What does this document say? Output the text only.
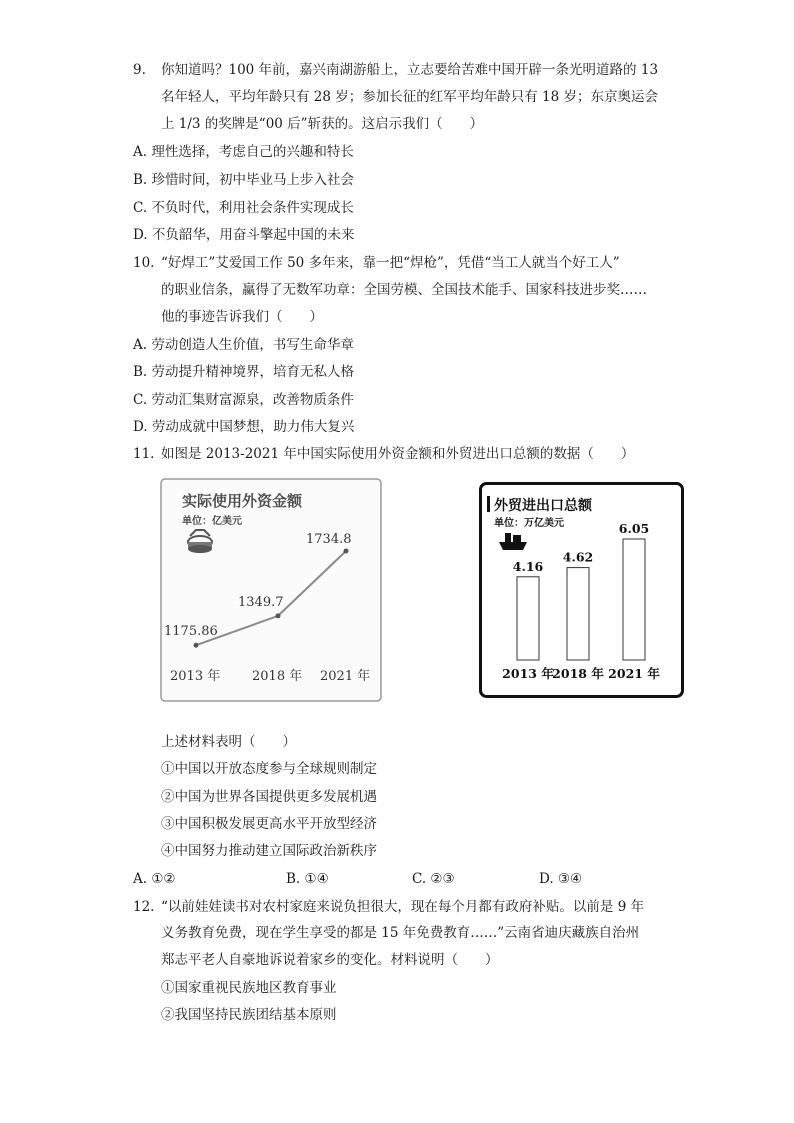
9. 你知道吗？100 年前，嘉兴南湖游船上，立志要给苦难中国开辟一条光明道路的 13
名年轻人，平均年龄只有 28 岁；参加长征的红军平均年龄只有 18 岁；东京奥运会
上 1/3 的奖牌是“00 后”斩获的。这启示我们（　　）
A. 理性选择，考虑自己的兴趣和特长
B. 珍惜时间，初中毕业马上步入社会
C. 不负时代，利用社会条件实现成长
D. 不负韶华，用奋斗擎起中国的未来
10. “好焊工”艾爱国工作 50 多年来，靠一把“焊枪”，凭借“当工人就当个好工人”
的职业信条，赢得了无数军功章：全国劳模、全国技术能手、国家科技进步奖……
他的事迹告诉我们（　　）
A. 劳动创造人生价值，书写生命华章
B. 劳动提升精神境界，培育无私人格
C. 劳动汇集财富源泉，改善物质条件
D. 劳动成就中国梦想，助力伟大复兴
11. 如图是 2013-2021 年中国实际使用外资金额和外贸进出口总额的数据（　　）
实际使用外资金额
单位：亿美元
1175.86
2013 年
1349.7
2018 年
1734.8
2021 年
外贸进出口总额
单位：万亿美元
4.16
2013 年
4.62
2018 年
6.05
2021 年
上述材料表明（　　）
①中国以开放态度参与全球规则制定
②中国为世界各国提供更多发展机遇
③中国积极发展更高水平开放型经济
④中国努力推动建立国际政治新秩序
A. ①②	B. ①④	C. ②③	D. ③④
12. “以前娃娃读书对农村家庭来说负担很大，现在每个月都有政府补贴。以前是 9 年
义务教育免费，现在学生享受的都是 15 年免费教育……”云南省迪庆藏族自治州
郑志平老人自豪地诉说着家乡的变化。材料说明（　　）
①国家重视民族地区教育事业
②我国坚持民族团结基本原则
